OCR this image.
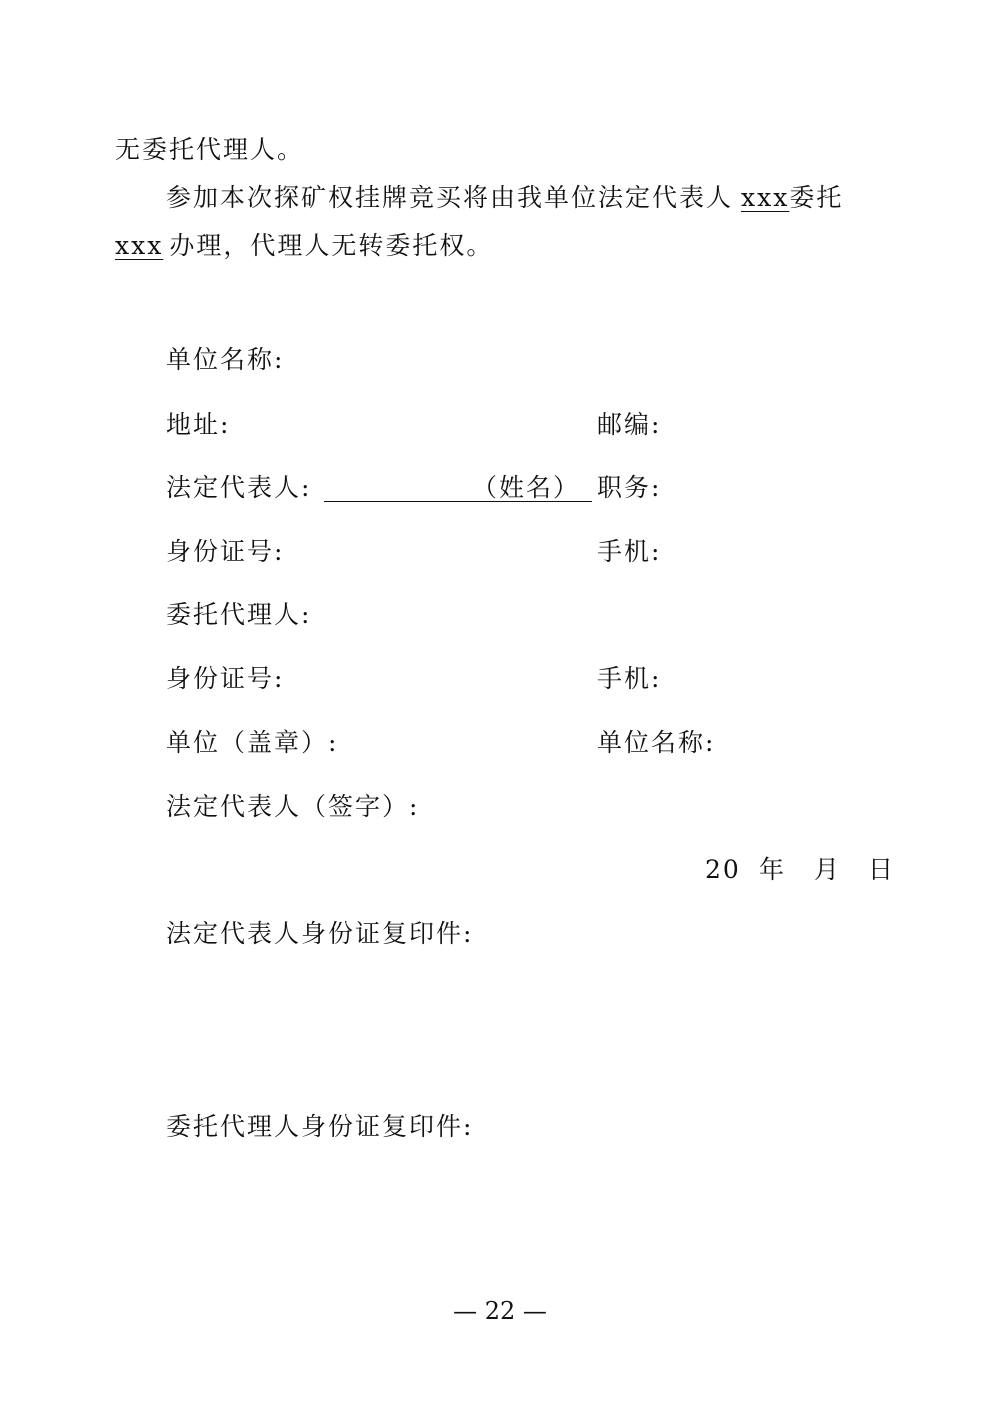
无委托代理人。
参加本次探矿权挂牌竞买将由我单位法定代表人 xxx委托
xxx 办理，代理人无转委托权。
单位名称:
地址:	邮编:
法定代表人:	（姓名） 职务:
身份证号:	手机:
委托代理人:
身份证号:	手机:
单位（盖章）:	单位名称:
法定代表人（签字）:
20 年 月 日
法定代表人身份证复印件:
委托代理人身份证复印件:
— 22 —
